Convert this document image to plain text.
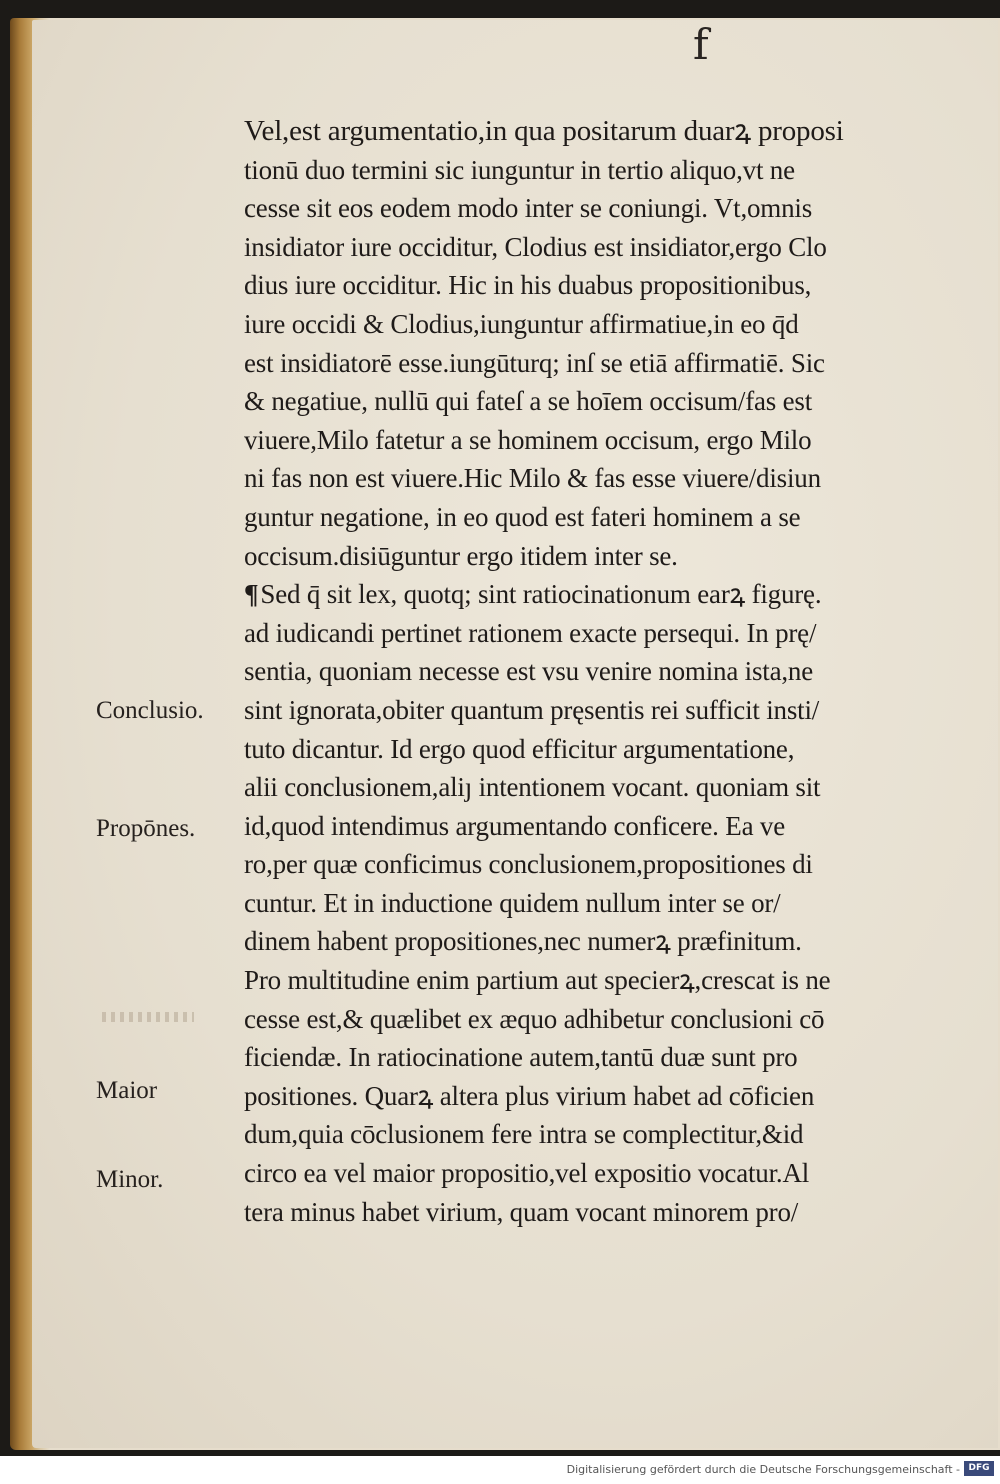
f
Vel,est argumentatio,in qua positarum duarꝝ proposi
tionū duo termini sic iunguntur in tertio aliquo,vt ne
cesse sit eos eodem modo inter se coniungi. Vt,omnis
insidiator iure occiditur, Clodius est insidiator,ergo Clo
dius iure occiditur. Hic in his duabus propositionibus,
iure occidi & Clodius,iunguntur affirmatiue,in eo q̄d
est insidiatorē esse.iungūturq; inſ se etiā affirmatiē. Sic
& negatiue, nullū qui fateſ a se hoīem occisum/fas est
viuere,Milo fatetur a se hominem occisum, ergo Milo
ni fas non est viuere.Hic Milo & fas esse viuere/disiun
guntur negatione, in eo quod est fateri hominem a se
occisum.disiūguntur ergo itidem inter se.
¶Sed q̄ sit lex, quotq; sint ratiocinationum earꝝ figurę.
ad iudicandi pertinet rationem exacte persequi. In prę/
sentia, quoniam necesse est vsu venire nomina ista,ne
sint ignorata,obiter quantum pręsentis rei sufficit insti/
tuto dicantur. Id ergo quod efficitur argumentatione,
alii conclusionem,aliȷ intentionem vocant. quoniam sit
id,quod intendimus argumentando conficere. Ea ve
ro,per quæ conficimus conclusionem,propositiones di
cuntur. Et in inductione quidem nullum inter se or/
dinem habent propositiones,nec numerꝝ præfinitum.
Pro multitudine enim partium aut specierꝝ,crescat is ne
cesse est,& quælibet ex æquo adhibetur conclusioni cō
ficiendæ. In ratiocinatione autem,tantū duæ sunt pro
positiones. Quarꝝ altera plus virium habet ad cōficien
dum,quia cōclusionem fere intra se complectitur,&id
circo ea vel maior propositio,vel expositio vocatur.Al
tera minus habet virium, quam vocant minorem pro/
Conclusio.
Propōnes.
Maior
Minor.
Digitalisierung gefördert durch die Deutsche Forschungsgemeinschaft - DFG
